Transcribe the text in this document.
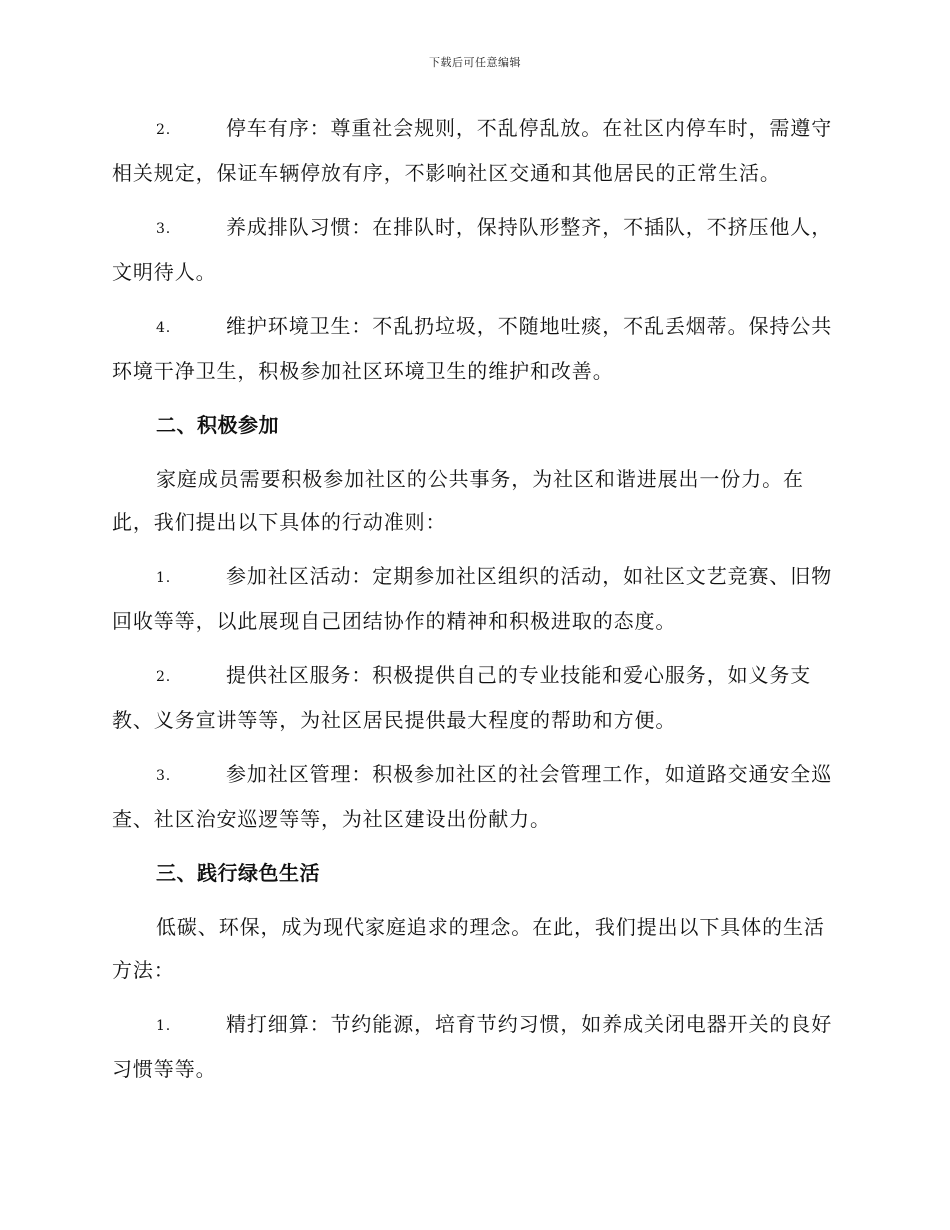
下载后可任意编辑

2.	停车有序：尊重社会规则，不乱停乱放。在社区内停车时，需遵守相关规定，保证车辆停放有序，不影响社区交通和其他居民的正常生活。

3.	养成排队习惯：在排队时，保持队形整齐，不插队，不挤压他人，文明待人。

4.	维护环境卫生：不乱扔垃圾，不随地吐痰，不乱丢烟蒂。保持公共环境干净卫生，积极参加社区环境卫生的维护和改善。

二、积极参加

家庭成员需要积极参加社区的公共事务，为社区和谐进展出一份力。在此，我们提出以下具体的行动准则：

1.	参加社区活动：定期参加社区组织的活动，如社区文艺竞赛、旧物回收等等，以此展现自己团结协作的精神和积极进取的态度。

2.	提供社区服务：积极提供自己的专业技能和爱心服务，如义务支教、义务宣讲等等，为社区居民提供最大程度的帮助和方便。

3.	参加社区管理：积极参加社区的社会管理工作，如道路交通安全巡查、社区治安巡逻等等，为社区建设出份献力。

三、践行绿色生活

低碳、环保，成为现代家庭追求的理念。在此，我们提出以下具体的生活方法：

1.	精打细算：节约能源，培育节约习惯，如养成关闭电器开关的良好习惯等等。
